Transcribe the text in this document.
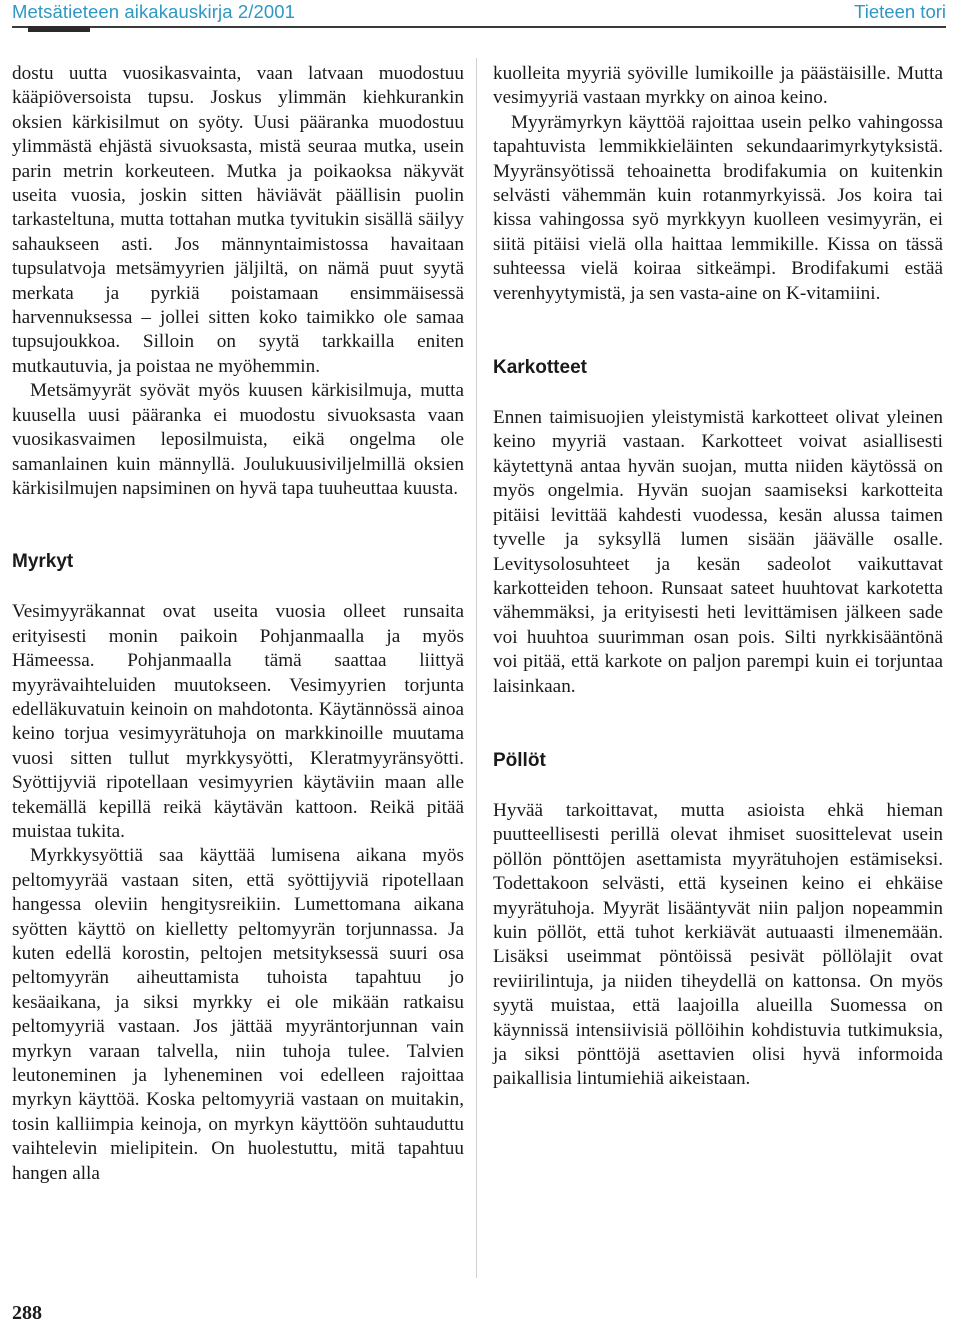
Metsätieteen aikakauskirja 2/2001	Tieteen tori

dostu uutta vuosikasvainta, vaan latvaan muodostuu kääpiöversoista tupsu. Joskus ylimmän kiehkurankin oksien kärkisilmut on syöty. Uusi pääranka muodostuu ylimmästä ehjästä sivuoksasta, mistä seuraa mutka, usein parin metrin korkeuteen. Mutka ja poikaoksa näkyvät useita vuosia, joskin sitten häviävät päällisin puolin tarkasteltuna, mutta tottahan mutka tyvitukin sisällä säilyy sahaukseen asti. Jos männyntaimistossa havaitaan tupsulatvoja metsämyyrien jäljiltä, on nämä puut syytä merkata ja pyrkiä poistamaan ensimmäisessä harvennuksessa – jollei sitten koko taimikko ole samaa tupsujoukkoa. Silloin on syytä tarkkailla eniten mutkautuvia, ja poistaa ne myöhemmin.

Metsämyyrät syövät myös kuusen kärkisilmuja, mutta kuusella uusi pääranka ei muodostu sivuoksasta vaan vuosikasvaimen leposilmuista, eikä ongelma ole samanlainen kuin männyllä. Joulukuusiviljelmillä oksien kärkisilmujen napsiminen on hyvä tapa tuuheuttaa kuusta.

Myrkyt

Vesimyyräkannat ovat useita vuosia olleet runsaita erityisesti monin paikoin Pohjanmaalla ja myös Hämeessa. Pohjanmaalla tämä saattaa liittyä myyrävaihteluiden muutokseen. Vesimyyrien torjunta edelläkuvatuin keinoin on mahdotonta. Käytännössä ainoa keino torjua vesimyyrätuhoja on markkinoille muutama vuosi sitten tullut myrkkysyötti, Kleratmyyränsyötti. Syöttijyviä ripotellaan vesimyyrien käytäviin maan alle tekemällä kepillä reikä käytävän kattoon. Reikä pitää muistaa tukita.

Myrkkysyöttiä saa käyttää lumisena aikana myös peltomyyrää vastaan siten, että syöttijyviä ripotellaan hangessa oleviin hengitysreikiin. Lumettomana aikana syötten käyttö on kielletty peltomyyrän torjunnassa. Ja kuten edellä korostin, peltojen metsityksessä suuri osa peltomyyrän aiheuttamista tuhoista tapahtuu jo kesäaikana, ja siksi myrkky ei ole mikään ratkaisu peltomyyriä vastaan. Jos jättää myyräntorjunnan vain myrkyn varaan talvella, niin tuhoja tulee. Talvien leutoneminen ja lyheneminen voi edelleen rajoittaa myrkyn käyttöä. Koska peltomyyriä vastaan on muitakin, tosin kalliimpia keinoja, on myrkyn käyttöön suhtauduttu vaihtelevin mielipitein. On huolestuttu, mitä tapahtuu hangen alla

kuolleita myyriä syöville lumikoille ja päästäisille. Mutta vesimyyriä vastaan myrkky on ainoa keino.

Myyrämyrkyn käyttöä rajoittaa usein pelko vahingossa tapahtuvista lemmikkieläinten sekundaarimyrkytyksistä. Myyränsyötissä tehoainetta brodifakumia on kuitenkin selvästi vähemmän kuin rotanmyrkyissä. Jos koira tai kissa vahingossa syö myrkkyyn kuolleen vesimyyrän, ei siitä pitäisi vielä olla haittaa lemmikille. Kissa on tässä suhteessa vielä koiraa sitkeämpi. Brodifakumi estää verenhyytymistä, ja sen vasta-aine on K-vitamiini.

Karkotteet

Ennen taimisuojien yleistymistä karkotteet olivat yleinen keino myyriä vastaan. Karkotteet voivat asiallisesti käytettynä antaa hyvän suojan, mutta niiden käytössä on myös ongelmia. Hyvän suojan saamiseksi karkotteita pitäisi levittää kahdesti vuodessa, kesän alussa taimen tyvelle ja syksyllä lumen sisään jäävälle osalle. Levitysolosuhteet ja kesän sadeolot vaikuttavat karkotteiden tehoon. Runsaat sateet huuhtovat karkotetta vähemmäksi, ja erityisesti heti levittämisen jälkeen sade voi huuhtoa suurimman osan pois. Silti nyrkkisääntönä voi pitää, että karkote on paljon parempi kuin ei torjuntaa laisinkaan.

Pöllöt

Hyvää tarkoittavat, mutta asioista ehkä hieman puutteellisesti perillä olevat ihmiset suosittelevat usein pöllön pönttöjen asettamista myyrätuhojen estämiseksi. Todettakoon selvästi, että kyseinen keino ei ehkäise myyrätuhoja. Myyrät lisääntyvät niin paljon nopeammin kuin pöllöt, että tuhot kerkiävät autuaasti ilmenemään. Lisäksi useimmat pöntöissä pesivät pöllölajit ovat reviirilintuja, ja niiden tiheydellä on kattonsa. On myös syytä muistaa, että laajoilla alueilla Suomessa on käynnissä intensiivisiä pöllöihin kohdistuvia tutkimuksia, ja siksi pönttöjä asettavien olisi hyvä informoida paikallisia lintumiehiä aikeistaan.

288
